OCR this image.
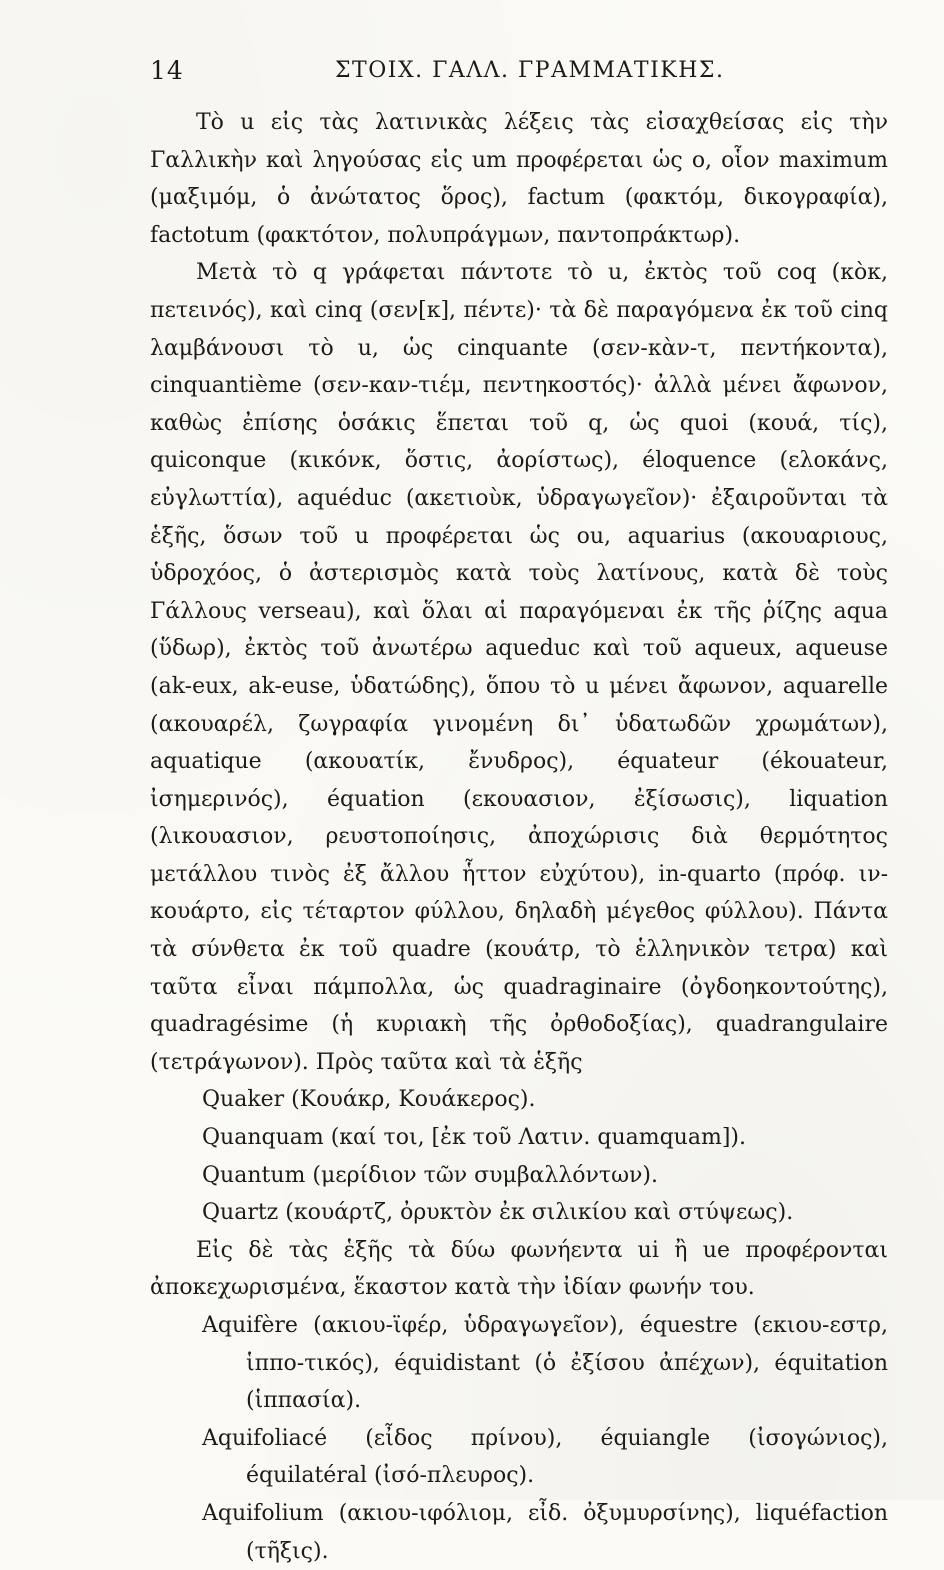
14	ΣΤΟΙΧ. ΓΑΛΛ. ΓΡΑΜΜΑΤΙΚΗΣ.

Τὸ u εἰς τὰς λατινικὰς λέξεις τὰς εἰσαχθείσας εἰς τὴν Γαλλικὴν καὶ ληγούσας εἰς um προφέρεται ὡς o, οἷον maximum (μαξιμόμ, ὁ ἀνώτατος ὅρος), factum (φακτόμ, δικογραφία), factotum (φακτότον, πολυπράγμων, παντοπράκτωρ).

Μετὰ τὸ q γράφεται πάντοτε τὸ u, ἐκτὸς τοῦ coq (κὸκ, πετεινός), καὶ cinq (σεν[κ], πέντε)· τὰ δὲ παραγόμενα ἐκ τοῦ cinq λαμβάνουσι τὸ u, ὡς cinquante (σεν-κὰν-τ, πεντήκοντα), cinquantième (σεν-καν-τιέμ, πεντηκοστός)· ἀλλὰ μένει ἄφωνον, καθὼς ἐπίσης ὁσάκις ἕπεται τοῦ q, ὡς quoi (κουά, τίς), quiconque (κικόνκ, ὅστις, ἀορίστως), éloquence (ελοκάνς, εὐγλωττία), aquéduc (ακετιοὺκ, ὑδραγωγεῖον)· ἐξαιροῦνται τὰ ἑξῆς, ὅσων τοῦ u προφέρεται ὡς ou, aquarius (ακουαριους, ὑδροχόος, ὁ ἀστερισμὸς κατὰ τοὺς λατίνους, κατὰ δὲ τοὺς Γάλλους verseau), καὶ ὅλαι αἱ παραγόμεναι ἐκ τῆς ῥίζης aqua (ὕδωρ), ἐκτὸς τοῦ ἀνωτέρω aqueduc καὶ τοῦ aqueux, aqueuse (ak-eux, ak-euse, ὑδατώδης), ὅπου τὸ u μένει ἄφωνον, aquarelle (ακουαρέλ, ζωγραφία γινομένη δι᾽ ὑδατωδῶν χρωμάτων), aquatique (ακουατίκ, ἔνυδρος), équateur (ékouateur, ἰσημερινός), équation (εκουασιον, ἐξίσωσις), liquation (λικουασιον, ρευστοποίησις, ἀποχώρισις διὰ θερμότητος μετάλλου τινὸς ἐξ ἄλλου ἧττον εὐχύτου), in-quarto (πρόφ. ιν-κουάρτο, εἰς τέταρτον φύλλου, δηλαδὴ μέγεθος φύλλου). Πάντα τὰ σύνθετα ἐκ τοῦ quadre (κουάτρ, τὸ ἑλληνικὸν τετρα) καὶ ταῦτα εἶναι πάμπολλα, ὡς quadraginaire (ὀγδοηκοντούτης), quadragésime (ἡ κυριακὴ τῆς ὀρθοδοξίας), quadrangulaire (τετράγωνον). Πρὸς ταῦτα καὶ τὰ ἑξῆς

Quaker (Κουάκρ, Κουάκερος).

Quanquam (καί τοι, [ἐκ τοῦ Λατιν. quamquam]).

Quantum (μερίδιον τῶν συμβαλλόντων).

Quartz (κουάρτζ, ὀρυκτὸν ἐκ σιλικίου καὶ στύψεως).

Εἰς δὲ τὰς ἑξῆς τὰ δύω φωνήεντα ui ἢ ue προφέρονται ἀποκεχωρισμένα, ἕκαστον κατὰ τὴν ἰδίαν φωνήν του.

Aquifère (ακιου-ϊφέρ, ὑδραγωγεῖον), équestre (εκιου-εστρ, ἱππο-τικός), équidistant (ὁ ἐξίσου ἀπέχων), équitation (ἱππασία).

Aquifoliacé (εἶδος πρίνου), équiangle (ἰσογώνιος), équilatéral (ἰσό-πλευρος).

Aquifolium (ακιου-ιφόλιομ, εἶδ. ὀξυμυρσίνης), liquéfaction (τῆξις).
